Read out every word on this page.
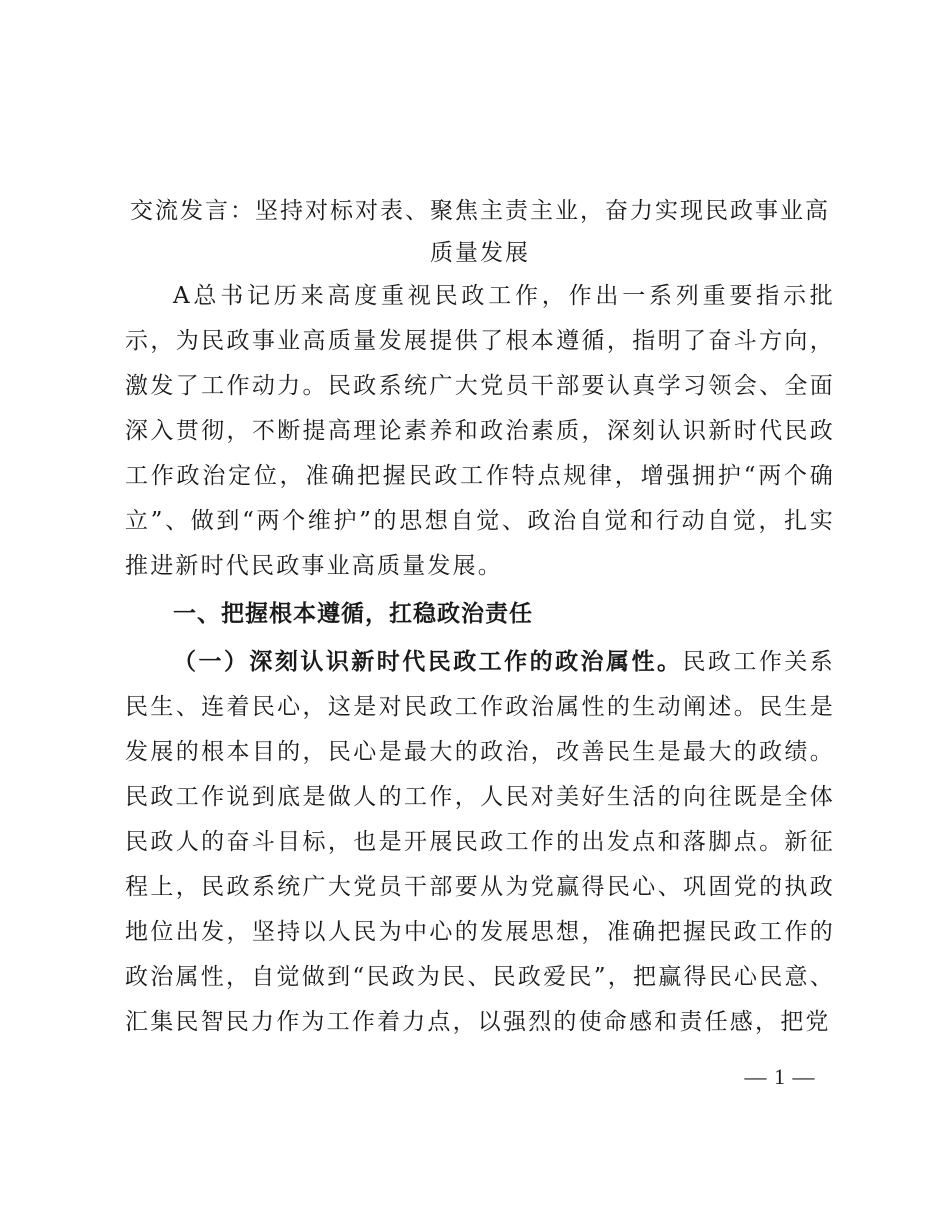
交流发言：坚持对标对表、聚焦主责主业，奋力实现民政事业高
质量发展

A总书记历来高度重视民政工作，作出一系列重要指示批示，为民政事业高质量发展提供了根本遵循，指明了奋斗方向，激发了工作动力。民政系统广大党员干部要认真学习领会、全面深入贯彻，不断提高理论素养和政治素质，深刻认识新时代民政工作政治定位，准确把握民政工作特点规律，增强拥护“两个确立”、做到“两个维护”的思想自觉、政治自觉和行动自觉，扎实推进新时代民政事业高质量发展。

一、把握根本遵循，扛稳政治责任

（一）深刻认识新时代民政工作的政治属性。民政工作关系民生、连着民心，这是对民政工作政治属性的生动阐述。民生是发展的根本目的，民心是最大的政治，改善民生是最大的政绩。民政工作说到底是做人的工作，人民对美好生活的向往既是全体民政人的奋斗目标，也是开展民政工作的出发点和落脚点。新征程上，民政系统广大党员干部要从为党赢得民心、巩固党的执政地位出发，坚持以人民为中心的发展思想，准确把握民政工作的政治属性，自觉做到“民政为民、民政爱民”，把赢得民心民意、汇集民智民力作为工作着力点，以强烈的使命感和责任感，把党

— 1 —
